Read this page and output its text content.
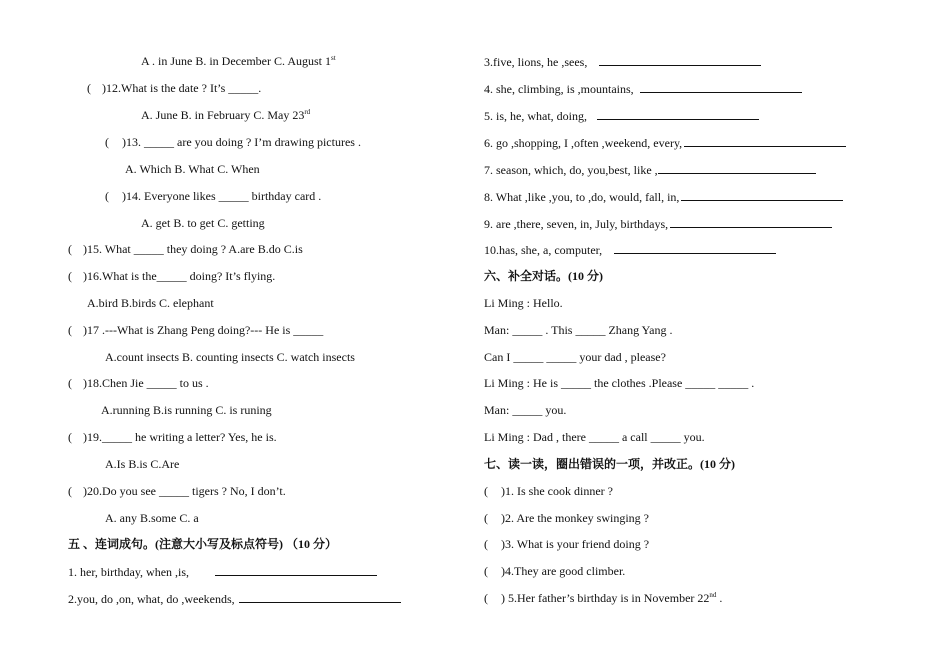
A . in June B. in December C. August 1st
( )12.What is the date ? It’s _____.
A. June B. in February C. May 23rd
( )13. _____ are you doing ? I’m drawing pictures .
A. Which B. What C. When
( )14. Everyone likes _____ birthday card .
A. get B. to get C. getting
( )15. What _____ they doing ? A.are B.do C.is
( )16.What is the_____ doing? It’s flying.
A.bird B.birds C. elephant
( )17 .---What is Zhang Peng doing?--- He is _____
A.count insects B. counting insects C. watch insects
( )18.Chen Jie _____ to us .
A.running B.is running C. is runing
( )19._____ he writing a letter? Yes, he is.
A.Is B.is C.Are
( )20.Do you see _____ tigers ? No, I don’t.
A. any B.some C. a
五 、连词成句。(注意大小写及标点符号) （10 分）
1. her, birthday, when ,is,
2.you, do ,on, what, do ,weekends,
3.five, lions, he ,sees,
4. she, climbing, is ,mountains,
5. is, he, what, doing,
6. go ,shopping, I ,often ,weekend, every,
7. season, which, do, you,best, like ,
8. What ,like ,you, to ,do, would, fall, in,
9. are ,there, seven, in, July, birthdays,
10.has, she, a, computer,
六、补全对话。(10 分)
Li Ming : Hello.
Man: _____ . This _____ Zhang Yang .
Can I _____ _____ your dad , please?
Li Ming : He is _____ the clothes .Please _____ _____ .
Man: _____ you.
Li Ming : Dad , there _____ a call _____ you.
七、读一读，圈出错误的一项，并改正。(10 分)
( )1. Is she cook dinner ?
( )2. Are the monkey swinging ?
( )3. What is your friend doing ?
( )4.They are good climber.
( ) 5.Her father’s birthday is in November 22nd .
